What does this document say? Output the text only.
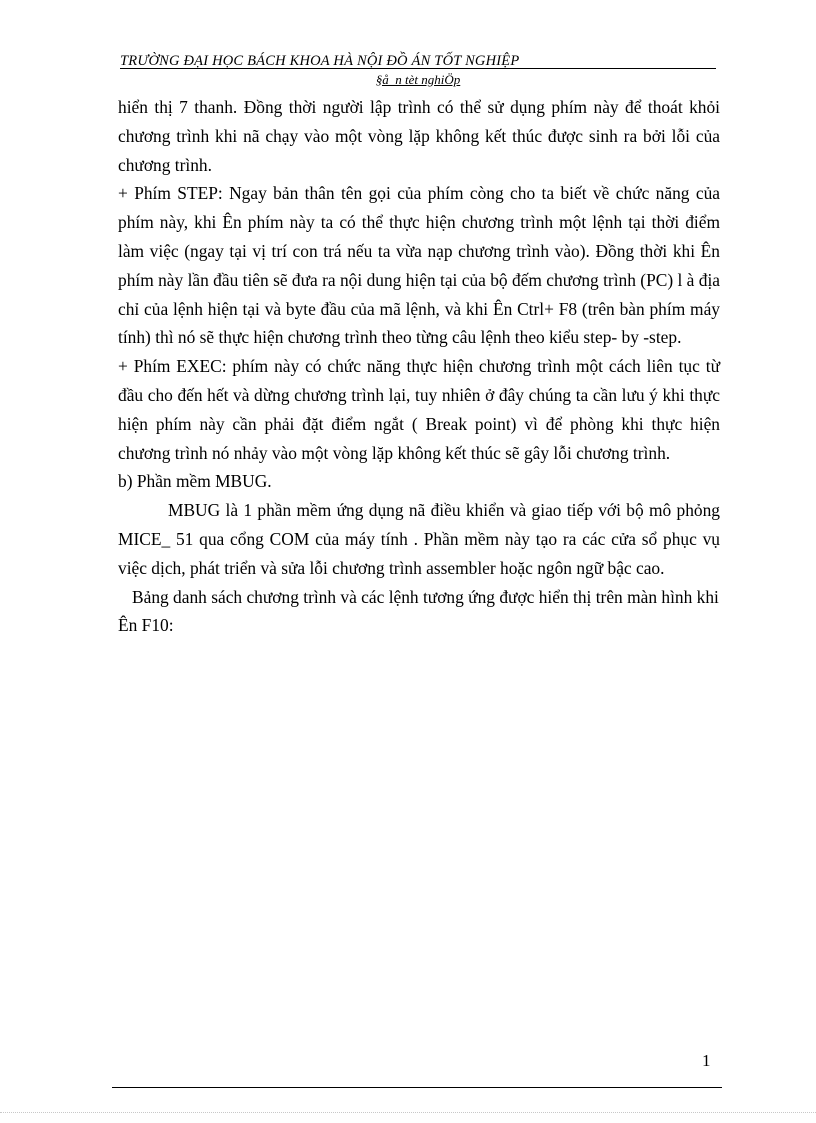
TRƯỜNG ĐẠI HỌC BÁCH KHOA HÀ NỘI ĐỒ ÁN TỐT NGHIỆP
§å_n tèt nghiÖp

hiển thị 7 thanh. Đồng thời người lập trình có thể sử dụng phím này để thoát khỏi chương trình khi nã chạy vào một vòng lặp không kết thúc được sinh ra bởi lỗi của chương trình.

+ Phím STEP: Ngay bản thân tên gọi của phím còng cho ta biết về chức năng của phím này, khi Ên phím này ta có thể thực hiện chương trình một lệnh tại thời điểm làm việc (ngay tại vị trí con trá nếu ta vừa nạp chương trình vào). Đồng thời khi Ên phím này lần đầu tiên sẽ đưa ra nội dung hiện tại của bộ đếm chương trình (PC) l à địa chỉ của lệnh hiện tại và byte đầu của mã lệnh, và khi Ên Ctrl+ F8 (trên bàn phím máy tính) thì nó sẽ thực hiện chương trình theo từng câu lệnh theo kiểu step- by -step.

+ Phím EXEC: phím này có chức năng thực hiện chương trình một cách liên tục từ đầu cho đến hết và dừng chương trình lại, tuy nhiên ở đây chúng ta cần lưu ý khi thực hiện phím này cần phải đặt điểm ngắt ( Break point) vì để phòng khi thực hiện chương trình nó nhảy vào một vòng lặp không kết thúc sẽ gây lỗi chương trình.

b) Phần mềm MBUG.

MBUG là 1 phần mềm ứng dụng nã điều khiển và giao tiếp với bộ mô phỏng MICE_ 51 qua cổng COM của máy tính . Phần mềm này tạo ra các cửa sổ phục vụ việc dịch, phát triển và sửa lỗi chương trình assembler hoặc ngôn ngữ bậc cao.

Bảng danh sách chương trình và các lệnh tương ứng được hiển thị trên màn hình khi Ên F10:

1
